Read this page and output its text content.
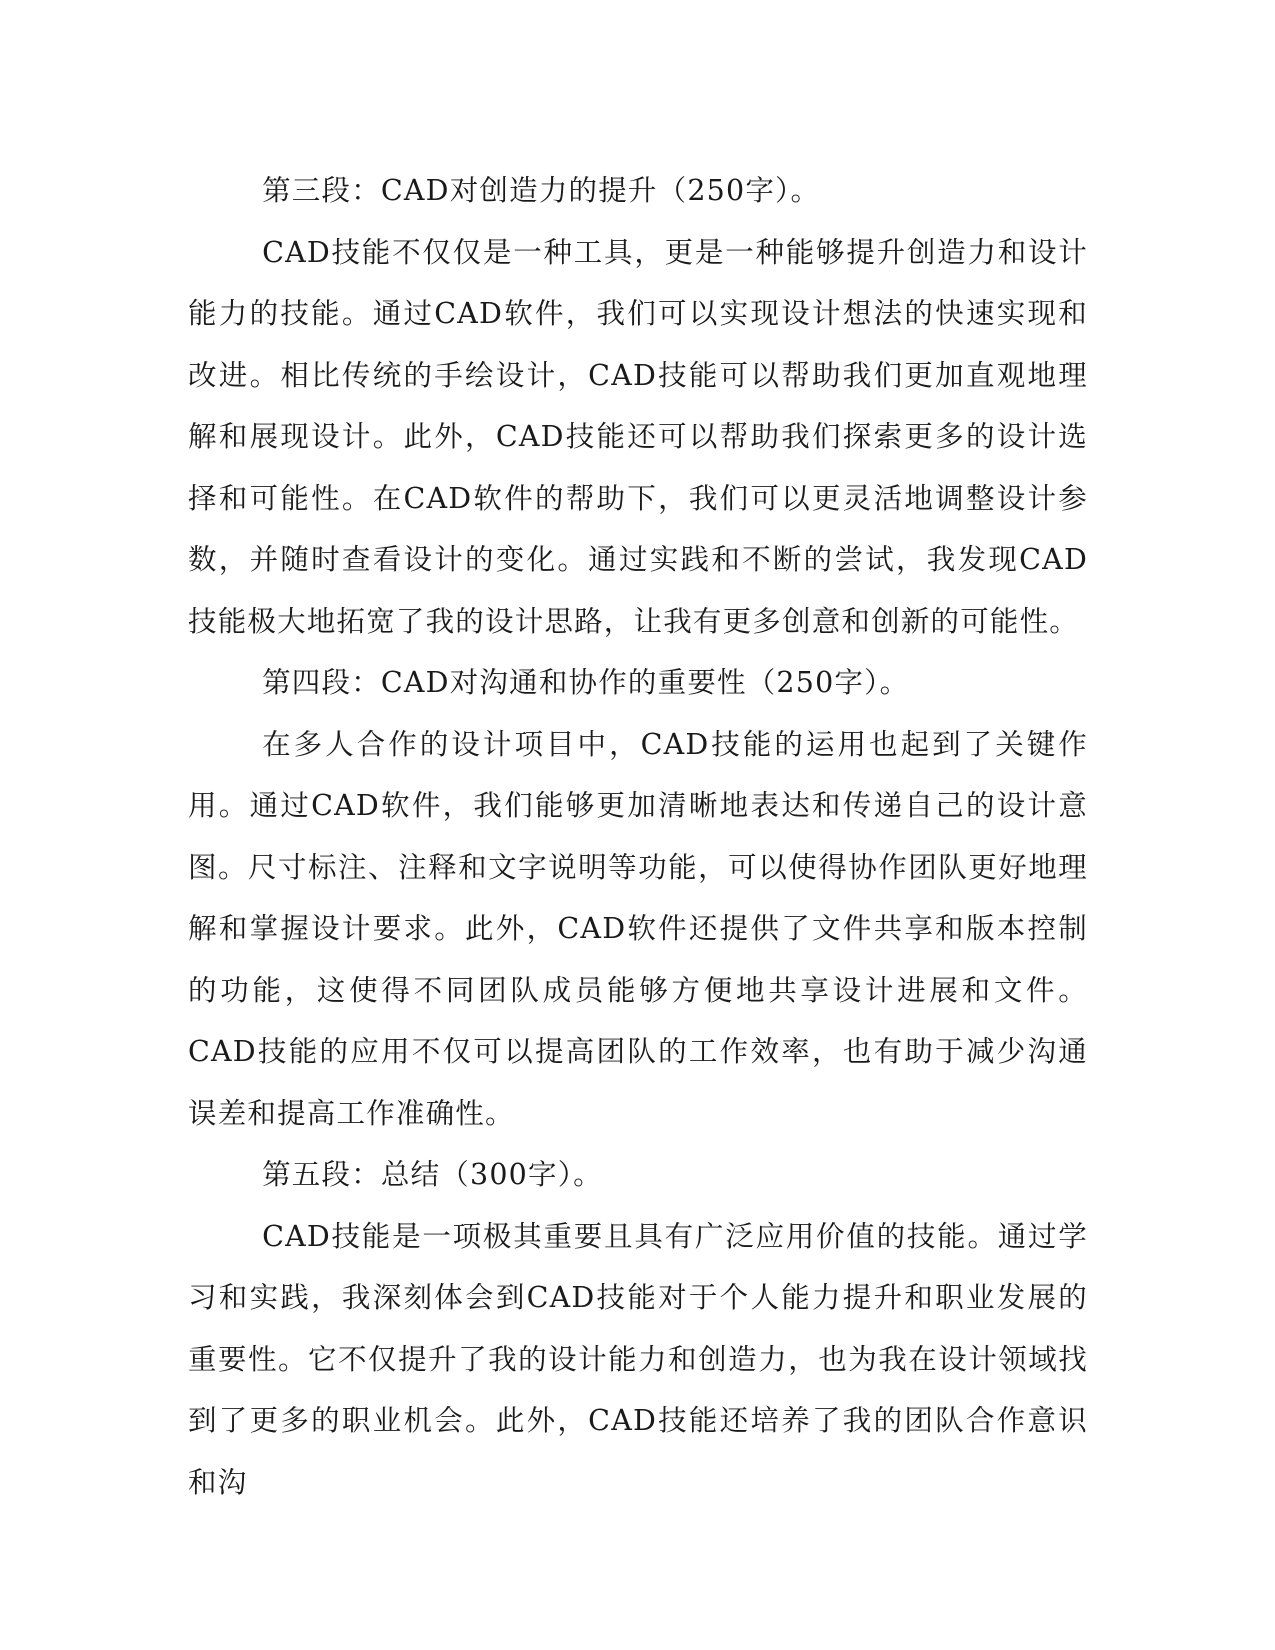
第三段：CAD对创造力的提升（250字）。

CAD技能不仅仅是一种工具，更是一种能够提升创造力和设计能力的技能。通过CAD软件，我们可以实现设计想法的快速实现和改进。相比传统的手绘设计，CAD技能可以帮助我们更加直观地理解和展现设计。此外，CAD技能还可以帮助我们探索更多的设计选择和可能性。在CAD软件的帮助下，我们可以更灵活地调整设计参数，并随时查看设计的变化。通过实践和不断的尝试，我发现CAD技能极大地拓宽了我的设计思路，让我有更多创意和创新的可能性。

第四段：CAD对沟通和协作的重要性（250字）。

在多人合作的设计项目中，CAD技能的运用也起到了关键作用。通过CAD软件，我们能够更加清晰地表达和传递自己的设计意图。尺寸标注、注释和文字说明等功能，可以使得协作团队更好地理解和掌握设计要求。此外，CAD软件还提供了文件共享和版本控制的功能，这使得不同团队成员能够方便地共享设计进展和文件。CAD技能的应用不仅可以提高团队的工作效率，也有助于减少沟通误差和提高工作准确性。

第五段：总结（300字）。

CAD技能是一项极其重要且具有广泛应用价值的技能。通过学习和实践，我深刻体会到CAD技能对于个人能力提升和职业发展的重要性。它不仅提升了我的设计能力和创造力，也为我在设计领域找到了更多的职业机会。此外，CAD技能还培养了我的团队合作意识和沟
